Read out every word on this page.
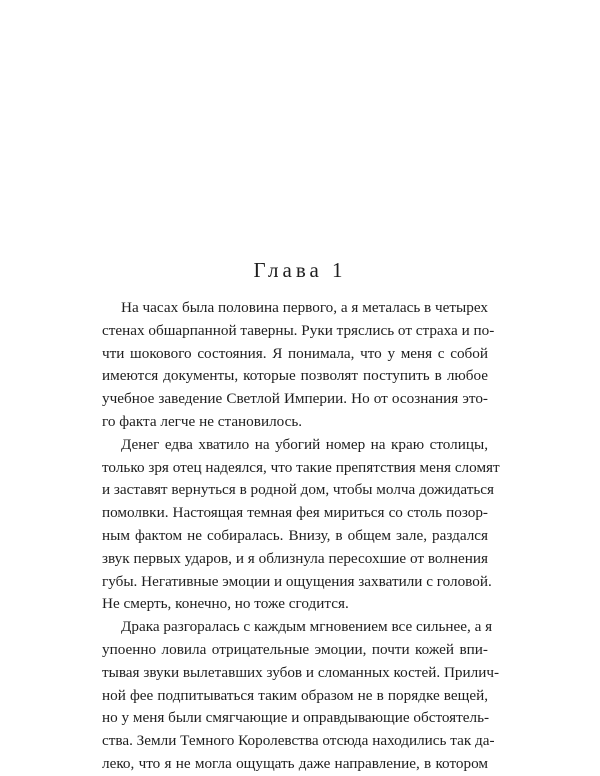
Глава 1
На часах была половина первого, а я металась в четырех
стенах обшарпанной таверны. Руки тряслись от страха и по-
чти шокового состояния. Я понимала, что у меня с собой
имеются документы, которые позволят поступить в любое
учебное заведение Светлой Империи. Но от осознания это-
го факта легче не становилось.
Денег едва хватило на убогий номер на краю столицы,
только зря отец надеялся, что такие препятствия меня сломят
и заставят вернуться в родной дом, чтобы молча дожидаться
помолвки. Настоящая темная фея мириться со столь позор-
ным фактом не собиралась. Внизу, в общем зале, раздался
звук первых ударов, и я облизнула пересохшие от волнения
губы. Негативные эмоции и ощущения захватили с головой.
Не смерть, конечно, но тоже сгодится.
Драка разгоралась с каждым мгновением все сильнее, а я
упоенно ловила отрицательные эмоции, почти кожей впи-
тывая звуки вылетавших зубов и сломанных костей. Прилич-
ной фее подпитываться таким образом не в порядке вещей,
но у меня были смягчающие и оправдывающие обстоятель-
ства. Земли Темного Королевства отсюда находились так да-
леко, что я не могла ощущать даже направление, в котором
